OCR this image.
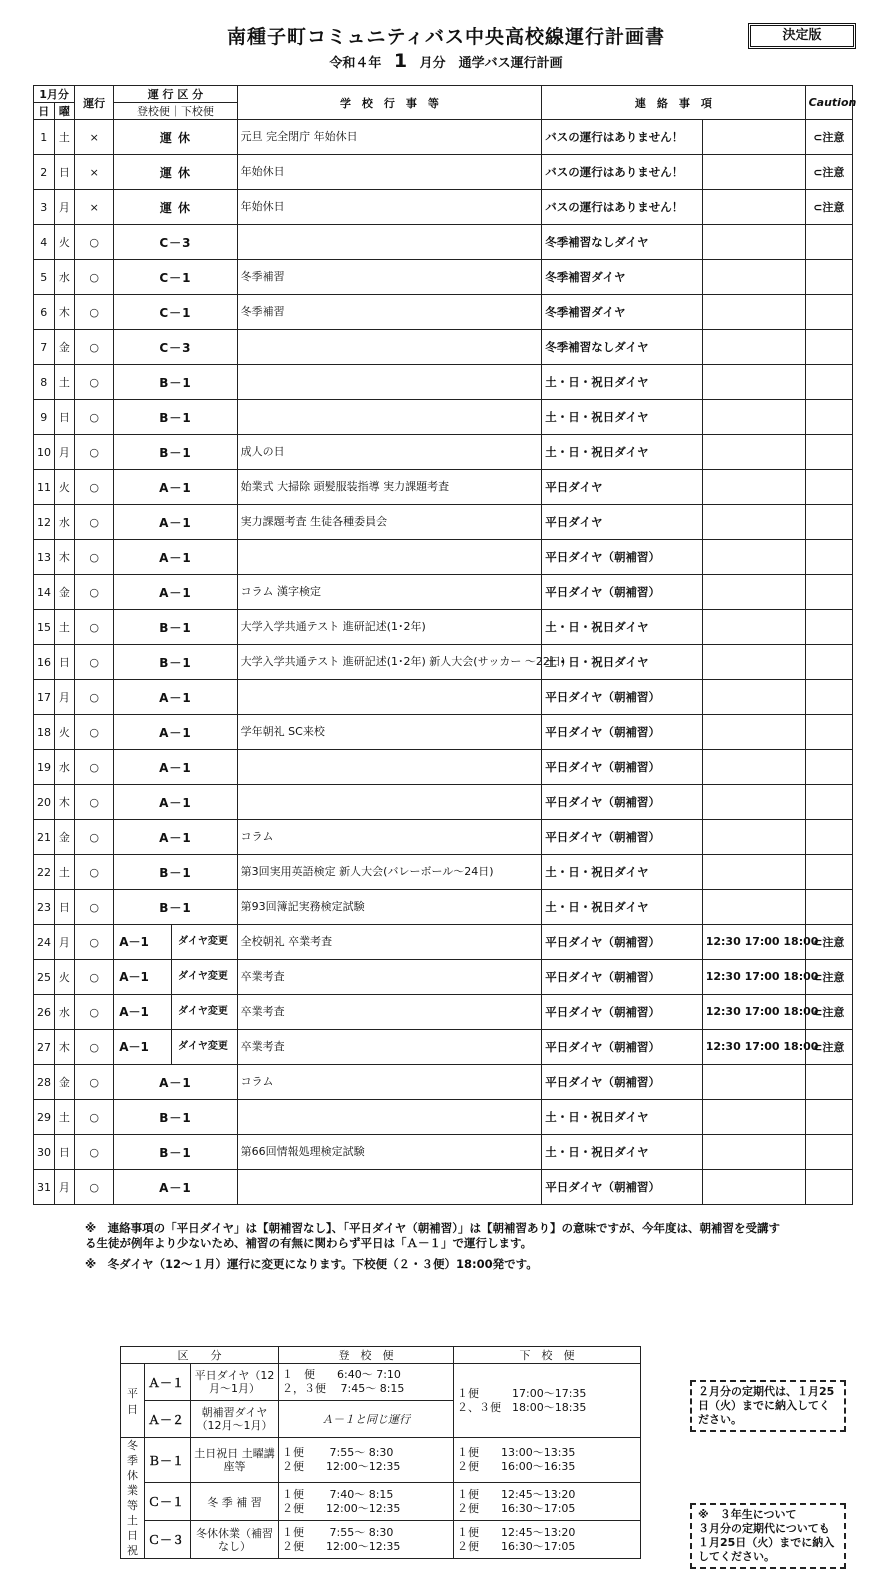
南種子町コミュニティバス中央高校線運行計画書
令和４年 1 月分　通学バス運行計画
決定版
1月分		運行	運 行 区 分	学　校　行　事　等	連　絡　事　項		Caution
日	曜		登校便｜下校便				
1	土	×	運 休	元旦 完全閉庁 年始休日	バスの運行はありません！		⊂注意
2	日	×	運 休	年始休日	バスの運行はありません！		⊂注意
3	月	×	運 休	年始休日	バスの運行はありません！		⊂注意
4	火	○	C－3		冬季補習なしダイヤ		
5	水	○	C－1	冬季補習	冬季補習ダイヤ		
6	木	○	C－1	冬季補習	冬季補習ダイヤ		
7	金	○	C－3		冬季補習なしダイヤ		
8	土	○	B－1		土・日・祝日ダイヤ		
9	日	○	B－1		土・日・祝日ダイヤ		
10	月	○	B－1	成人の日	土・日・祝日ダイヤ		
11	火	○	A－1	始業式 大掃除 頭髪服装指導 実力課題考査	平日ダイヤ		
12	水	○	A－1	実力課題考査 生徒各種委員会	平日ダイヤ		
13	木	○	A－1		平日ダイヤ（朝補習）		
14	金	○	A－1	コラム 漢字検定	平日ダイヤ（朝補習）		
15	土	○	B－1	大学入学共通テスト 進研記述(1･2年)	土・日・祝日ダイヤ		
16	日	○	B－1	大学入学共通テスト 進研記述(1･2年) 新人大会(サッカー ～22日)	土・日・祝日ダイヤ		
17	月	○	A－1		平日ダイヤ（朝補習）		
18	火	○	A－1	学年朝礼 SC来校	平日ダイヤ（朝補習）		
19	水	○	A－1		平日ダイヤ（朝補習）		
20	木	○	A－1		平日ダイヤ（朝補習）		
21	金	○	A－1	コラム	平日ダイヤ（朝補習）		
22	土	○	B－1	第3回実用英語検定 新人大会(バレーボール～24日)	土・日・祝日ダイヤ		
23	日	○	B－1	第93回簿記実務検定試験	土・日・祝日ダイヤ		
24	月	○	A－1 ダイヤ変更	全校朝礼 卒業考査	平日ダイヤ（朝補習）	12:30 17:00 18:00	⊂注意
25	火	○	A－1 ダイヤ変更	卒業考査	平日ダイヤ（朝補習）	12:30 17:00 18:00	⊂注意
26	水	○	A－1 ダイヤ変更	卒業考査	平日ダイヤ（朝補習）	12:30 17:00 18:00	⊂注意
27	木	○	A－1 ダイヤ変更	卒業考査	平日ダイヤ（朝補習）	12:30 17:00 18:00	⊂注意
28	金	○	A－1	コラム	平日ダイヤ（朝補習）		
29	土	○	B－1		土・日・祝日ダイヤ		
30	日	○	B－1	第66回情報処理検定試験	土・日・祝日ダイヤ		
31	月	○	A－1		平日ダイヤ（朝補習）		

※　連絡事項の「平日ダイヤ」は【朝補習なし】、「平日ダイヤ（朝補習）」は【朝補習あり】の意味ですが、今年度は、朝補習を受講する生徒が例年より少ないため、補習の有無に関わらず平日は「Ａ－１」で運行します。

※　冬ダイヤ（12～１月）運行に変更になります。下校便（２・３便）18:00発です。

区　　分			登　校　便	下　校　便
平日	Ａ－１	平日ダイヤ（12月～1月）	１　便　　6:40～ 7:10
２，３便　 7:45～ 8:15	１便　　　17:00～17:35
２、３便　18:00～18:35
	Ａ－２	朝補習ダイヤ（12月～1月）	Ａ－１と同じ運行	
冬季休業等
土日祝	Ｂ－１	土日祝日 土曜講座等	１便　　 7:55～ 8:30
２便　　12:00～12:35	１便　　13:00～13:35
２便　　16:00～16:35
	Ｃ－１	冬 季 補 習	１便　　 7:40～ 8:15
２便　　12:00～12:35	１便　　12:45～13:20
２便　　16:30～17:05
	Ｃ－３	冬休休業（補習なし）	１便　　 7:55～ 8:30
２便　　12:00～12:35	１便　　12:45～13:20
２便　　16:30～17:05
２月分の定期代は、１月25日（火）までに納入してください。
※　３年生について
３月分の定期代についても１月25日（火）までに納入してください。
